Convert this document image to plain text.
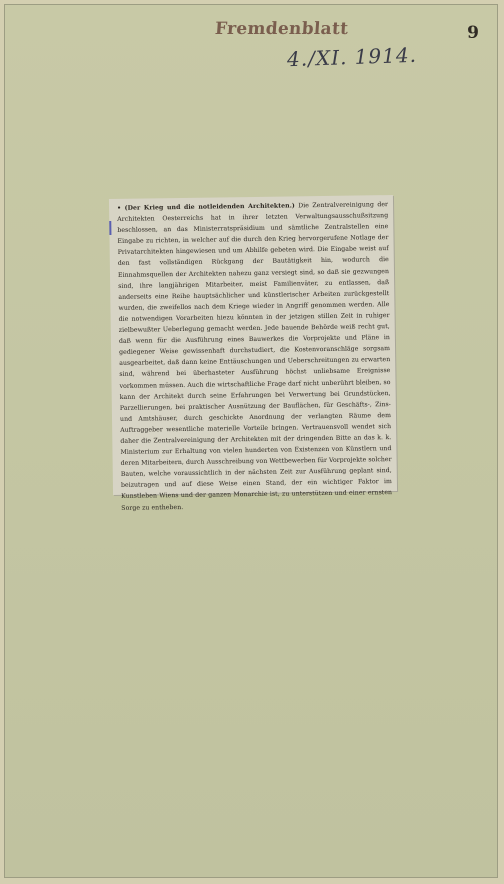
Fremdenblatt	9
4./XI. 1914.

• (Der Krieg und die notleidenden Architekten.) Die Zentralvereinigung der Architekten Oesterreichs hat in ihrer letzten Verwaltungsausschußsitzung beschlossen, an das Ministerratspräsidium und sämtliche Zentralstellen eine Eingabe zu richten, in welcher auf die durch den Krieg hervorgerufene Notlage der Privatarchitekten hingewiesen und um Abhilfe gebeten wird. Die Eingabe weist auf den fast vollständigen Rückgang der Bautätigkeit hin, wodurch die Einnahmsquellen der Architekten nahezu ganz versiegt sind, so daß sie gezwungen sind, ihre langjährigen Mitarbeiter, meist Familienväter, zu entlassen, daß anderseits eine Reihe hauptsächlicher und künstlerischer Arbeiten zurückgestellt wurden, die zweifellos nach dem Kriege wieder in Angriff genommen werden. Alle die notwendigen Vorarbeiten hiezu könnten in der jetzigen stillen Zeit in ruhiger zielbewußter Ueberlegung gemacht werden. Jede bauende Behörde weiß recht gut, daß wenn für die Ausführung eines Bauwerkes die Vorprojekte und Pläne in gediegener Weise gewissenhaft durchstudiert, die Kostenvoranschläge sorgsam ausgearbeitet, daß dann keine Enttäuschungen und Ueberschreitungen zu erwarten sind, während bei überhasteter Ausführung höchst unliebsame Ereignisse vorkommen müssen. Auch die wirtschaftliche Frage darf nicht unberührt bleiben, so kann der Architekt durch seine Erfahrungen bei Verwertung bei Grundstücken, Parzellierungen, bei praktischer Ausnützung der Bauflächen, für Geschäfts-, Zins- und Amtshäuser, durch geschickte Anordnung der verlangten Räume dem Auftraggeber wesentliche materielle Vorteile bringen. Vertrauensvoll wendet sich daher die Zentralvereinigung der Architekten mit der dringenden Bitte an das k. k. Ministerium zur Erhaltung von vielen hunderten von Existenzen von Künstlern und deren Mitarbeitern, durch Ausschreibung von Wettbewerben für Vorprojekte solcher Bauten, welche voraussichtlich in der nächsten Zeit zur Ausführung geplant sind, beizutragen und auf diese Weise einen Stand, der ein wichtiger Faktor im Kunstleben Wiens und der ganzen Monarchie ist, zu unterstützen und einer ernsten Sorge zu entheben.
